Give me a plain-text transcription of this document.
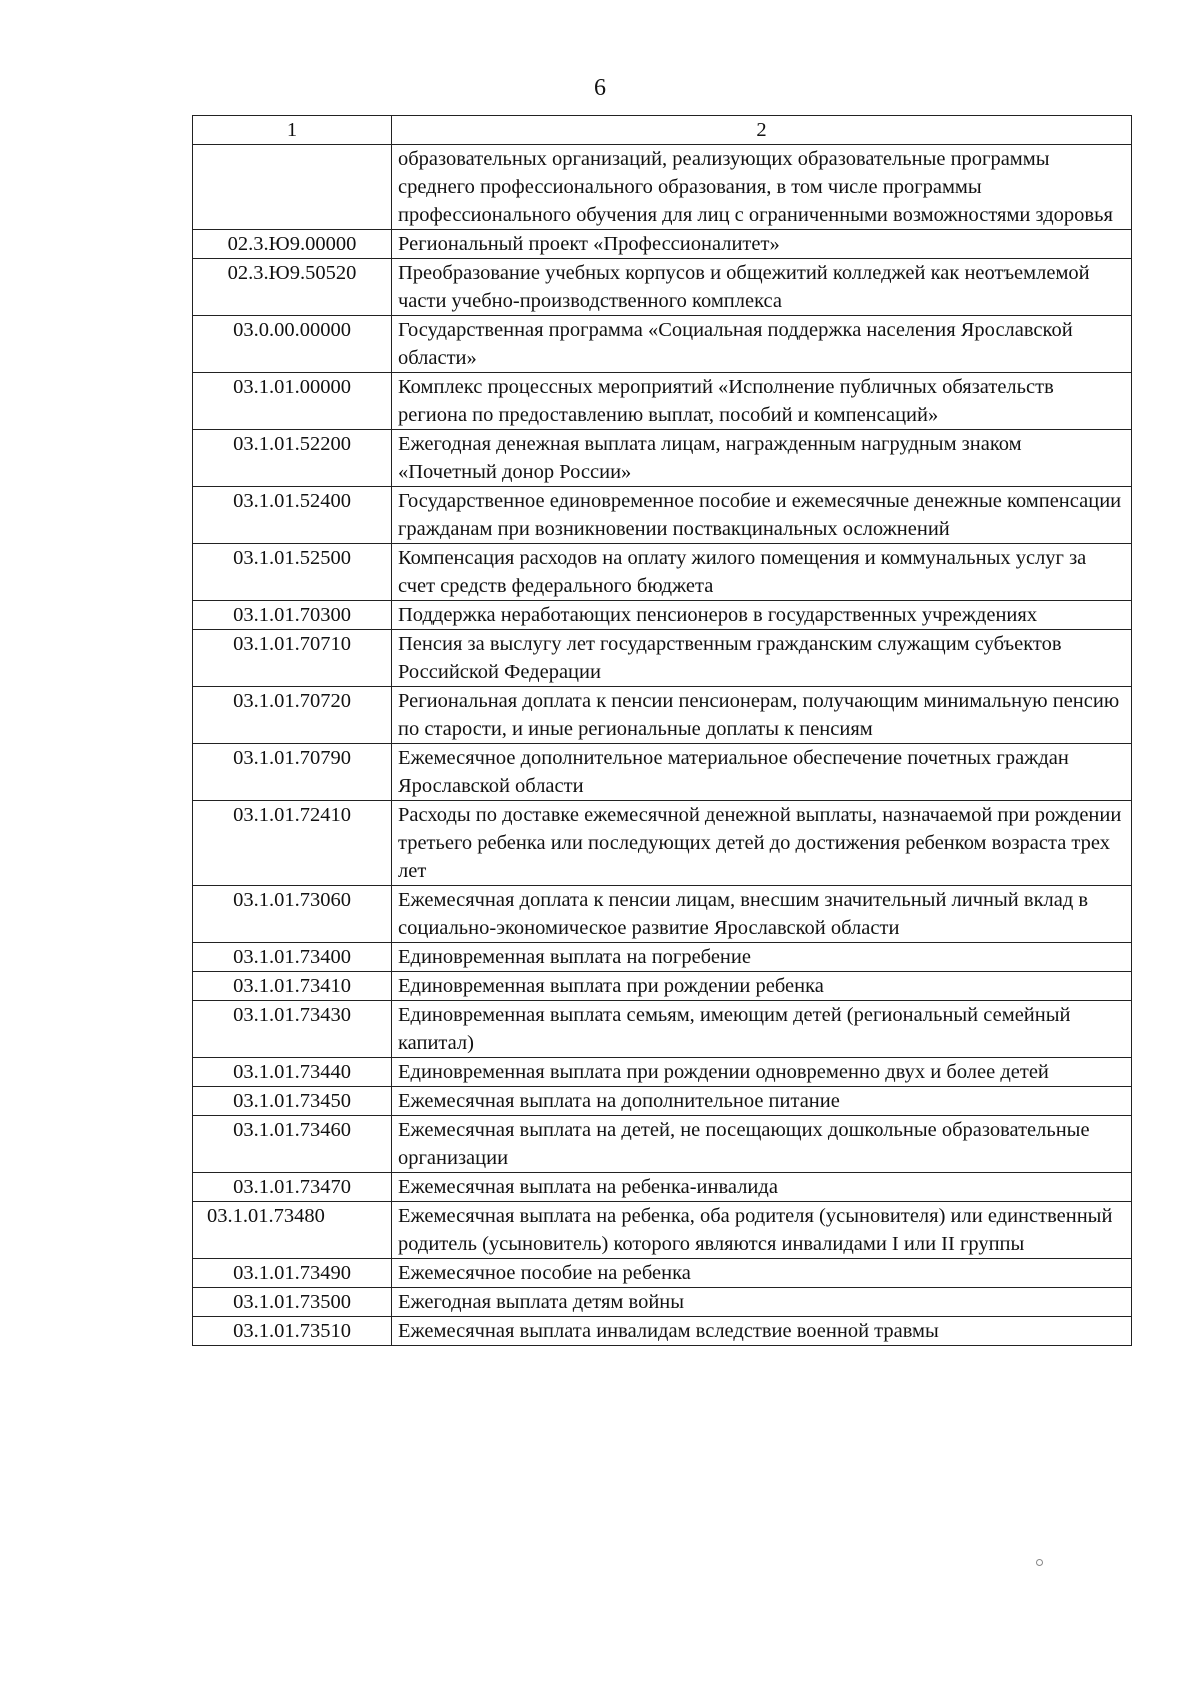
6
1	2
	образовательных организаций, реализующих образовательные программы среднего профессионального образования, в том числе программы профессионального обучения для лиц с ограниченными возможностями здоровья
02.3.Ю9.00000	Региональный проект «Профессионалитет»
02.3.Ю9.50520	Преобразование учебных корпусов и общежитий колледжей как неотъемлемой части учебно-производственного комплекса
03.0.00.00000	Государственная программа «Социальная поддержка населения Ярославской области»
03.1.01.00000	Комплекс процессных мероприятий «Исполнение публичных обязательств региона по предоставлению выплат, пособий и компенсаций»
03.1.01.52200	Ежегодная денежная выплата лицам, награжденным нагрудным знаком «Почетный донор России»
03.1.01.52400	Государственное единовременное пособие и ежемесячные денежные компенсации гражданам при возникновении поствакцинальных осложнений
03.1.01.52500	Компенсация расходов на оплату жилого помещения и коммунальных услуг за счет средств федерального бюджета
03.1.01.70300	Поддержка неработающих пенсионеров в государственных учреждениях
03.1.01.70710	Пенсия за выслугу лет государственным гражданским служащим субъектов Российской Федерации
03.1.01.70720	Региональная доплата к пенсии пенсионерам, получающим минимальную пенсию по старости, и иные региональные доплаты к пенсиям
03.1.01.70790	Ежемесячное дополнительное материальное обеспечение почетных граждан Ярославской области
03.1.01.72410	Расходы по доставке ежемесячной денежной выплаты, назначаемой при рождении третьего ребенка или последующих детей до достижения ребенком возраста трех лет
03.1.01.73060	Ежемесячная доплата к пенсии лицам, внесшим значительный личный вклад в социально-экономическое развитие Ярославской области
03.1.01.73400	Единовременная выплата на погребение
03.1.01.73410	Единовременная выплата при рождении ребенка
03.1.01.73430	Единовременная выплата семьям, имеющим детей (региональный семейный капитал)
03.1.01.73440	Единовременная выплата при рождении одновременно двух и более детей
03.1.01.73450	Ежемесячная выплата на дополнительное питание
03.1.01.73460	Ежемесячная выплата на детей, не посещающих дошкольные образовательные организации
03.1.01.73470	Ежемесячная выплата на ребенка-инвалида
03.1.01.73480	Ежемесячная выплата на ребенка, оба родителя (усыновителя) или единственный родитель (усыновитель) которого являются инвалидами I или II группы
03.1.01.73490	Ежемесячное пособие на ребенка
03.1.01.73500	Ежегодная выплата детям войны
03.1.01.73510	Ежемесячная выплата инвалидам вследствие военной травмы
